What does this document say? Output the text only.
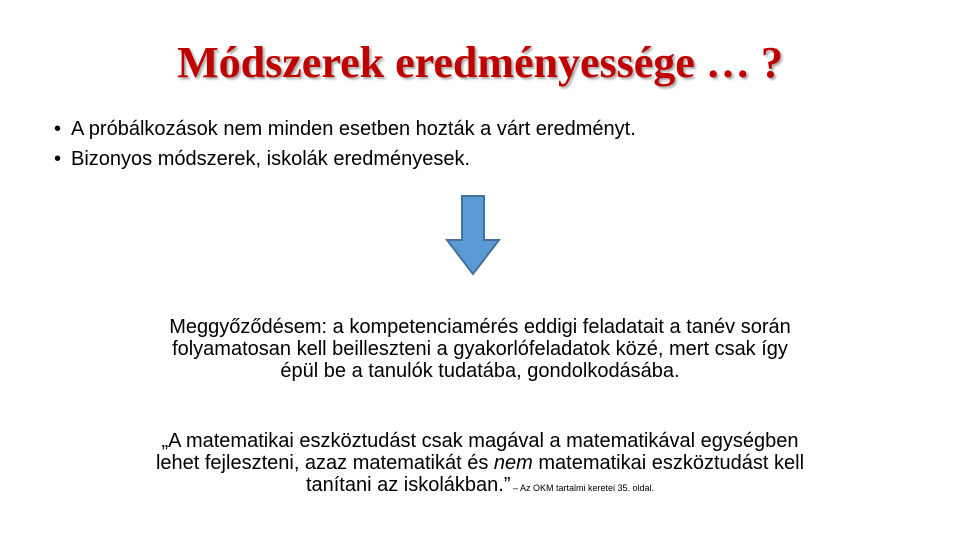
Módszerek eredményessége … ?
• A próbálkozások nem minden esetben hozták a várt eredményt.
• Bizonyos módszerek, iskolák eredményesek.
Meggyőződésem: a kompetenciamérés eddigi feladatait a tanév során
folyamatosan kell beilleszteni a gyakorlófeladatok közé, mert csak így
épül be a tanulók tudatába, gondolkodásába.
„A matematikai eszköztudást csak magával a matematikával egységben
lehet fejleszteni, azaz matematikát és nem matematikai eszköztudást kell
tanítani az iskolákban.” – Az OKM tartalmi keretei 35. oldal.
